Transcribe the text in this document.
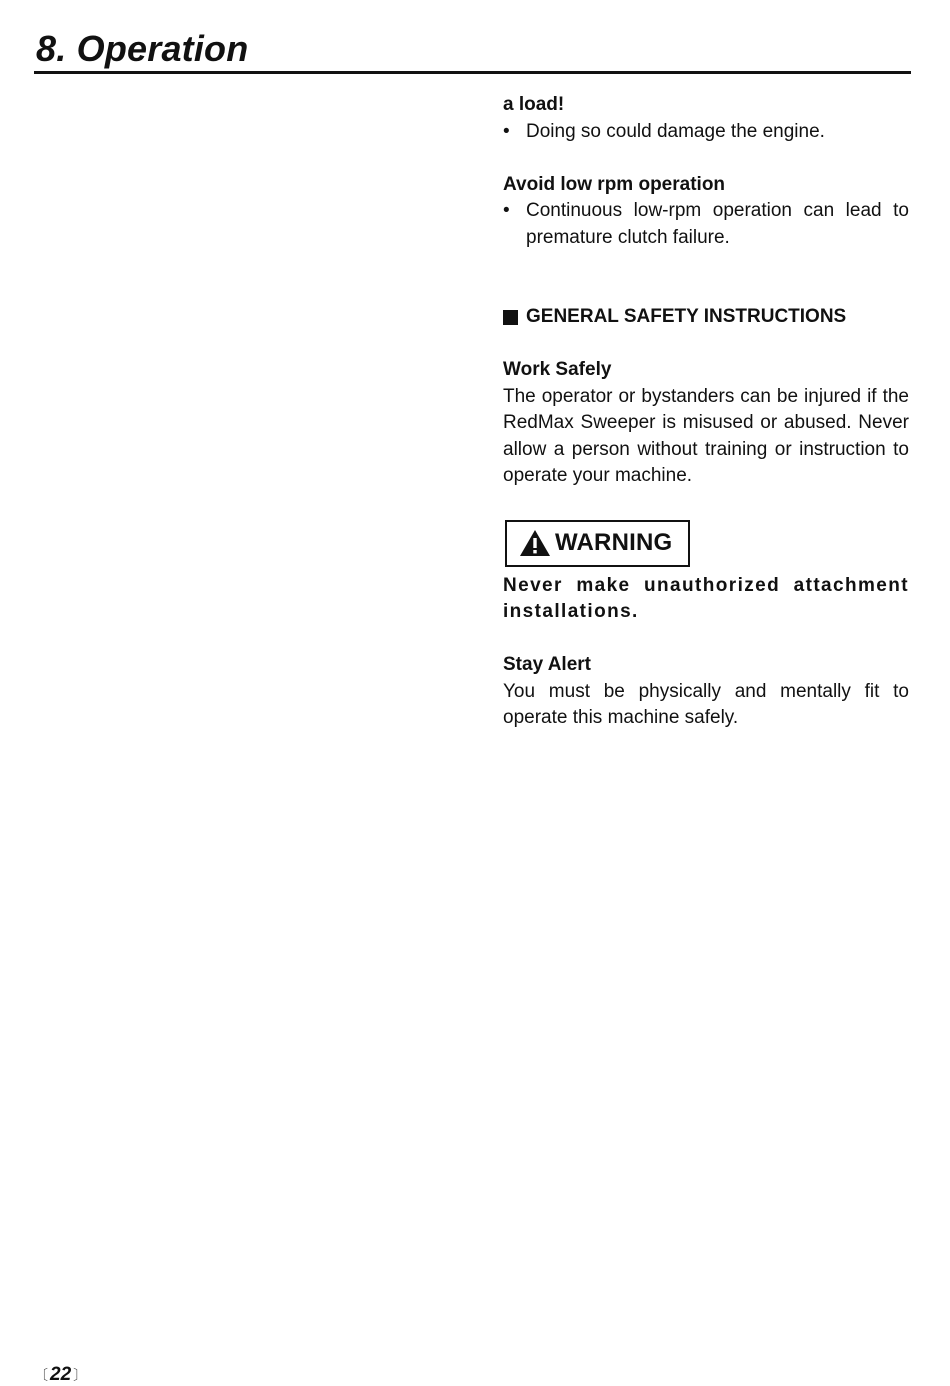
8. Operation

a load!

• Doing so could damage the engine.

Avoid low rpm operation

• Continuous low-rpm operation can lead to premature clutch failure.

GENERAL SAFETY INSTRUCTIONS

Work Safely

The operator or bystanders can be injured if the RedMax Sweeper is misused or abused. Never allow a person without training or instruction to operate your machine.

WARNING

Never make unauthorized attachment installations.

Stay Alert

You must be physically and mentally fit to operate this machine safely.

〔 22 〕
